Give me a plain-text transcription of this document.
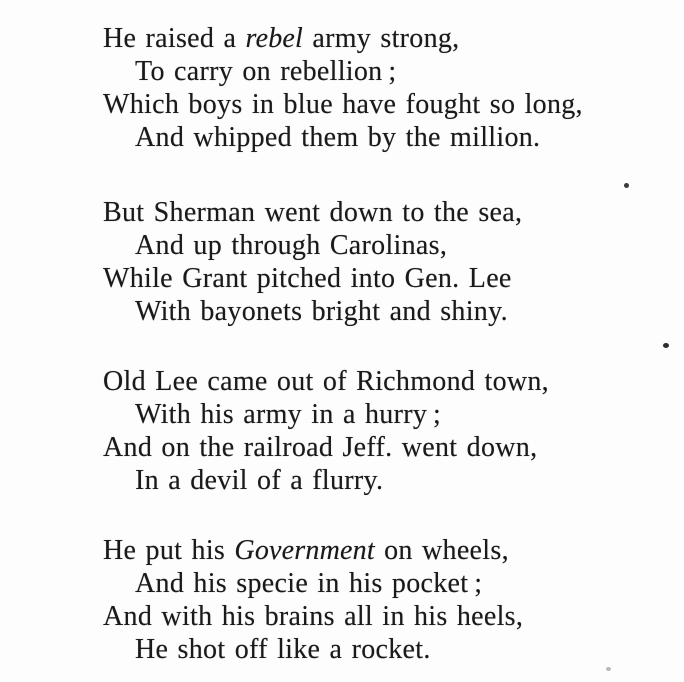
He raised a rebel army strong,
To carry on rebellion ;
Which boys in blue have fought so long,
And whipped them by the million.
But Sherman went down to the sea,
And up through Carolinas,
While Grant pitched into Gen. Lee
With bayonets bright and shiny.
Old Lee came out of Richmond town,
With his army in a hurry ;
And on the railroad Jeff. went down,
In a devil of a flurry.
He put his Government on wheels,
And his specie in his pocket ;
And with his brains all in his heels,
He shot off like a rocket.
